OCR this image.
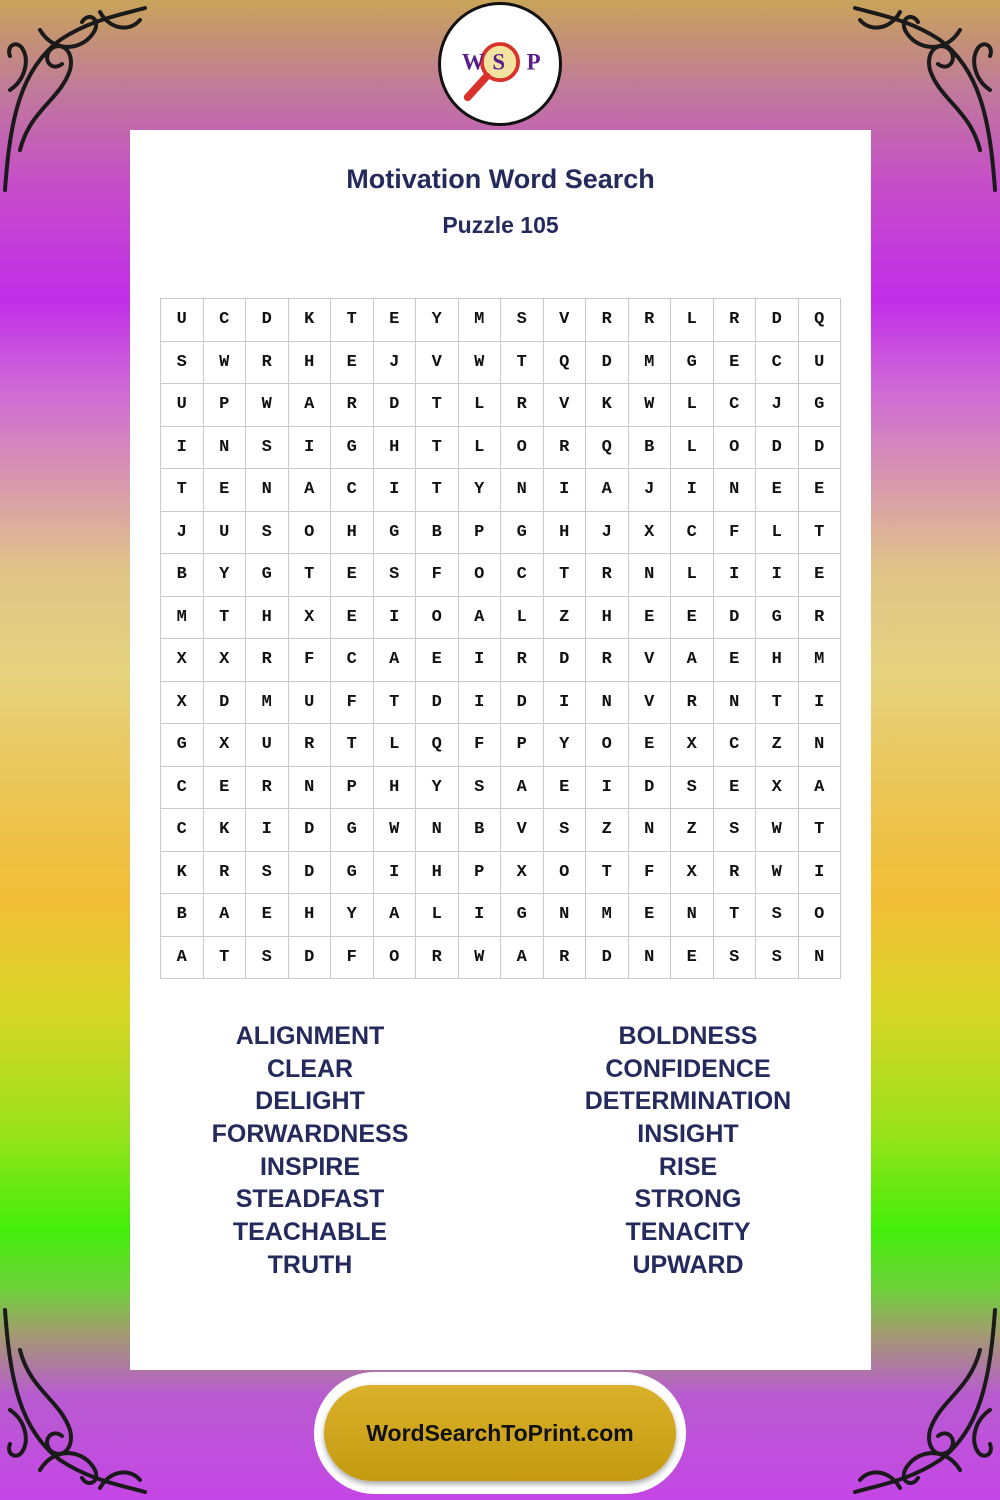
W S P
Motivation Word Search
Puzzle 105
U	C	D	K	T	E	Y	M	S	V	R	R	L	R	D	Q
S	W	R	H	E	J	V	W	T	Q	D	M	G	E	C	U
U	P	W	A	R	D	T	L	R	V	K	W	L	C	J	G
I	N	S	I	G	H	T	L	O	R	Q	B	L	O	D	D
T	E	N	A	C	I	T	Y	N	I	A	J	I	N	E	E
J	U	S	O	H	G	B	P	G	H	J	X	C	F	L	T
B	Y	G	T	E	S	F	O	C	T	R	N	L	I	I	E
M	T	H	X	E	I	O	A	L	Z	H	E	E	D	G	R
X	X	R	F	C	A	E	I	R	D	R	V	A	E	H	M
X	D	M	U	F	T	D	I	D	I	N	V	R	N	T	I
G	X	U	R	T	L	Q	F	P	Y	O	E	X	C	Z	N
C	E	R	N	P	H	Y	S	A	E	I	D	S	E	X	A
C	K	I	D	G	W	N	B	V	S	Z	N	Z	S	W	T
K	R	S	D	G	I	H	P	X	O	T	F	X	R	W	I
B	A	E	H	Y	A	L	I	G	N	M	E	N	T	S	O
A	T	S	D	F	O	R	W	A	R	D	N	E	S	S	N
ALIGNMENT
CLEAR
DELIGHT
FORWARDNESS
INSPIRE
STEADFAST
TEACHABLE
TRUTH
BOLDNESS
CONFIDENCE
DETERMINATION
INSIGHT
RISE
STRONG
TENACITY
UPWARD
WordSearchToPrint.com
